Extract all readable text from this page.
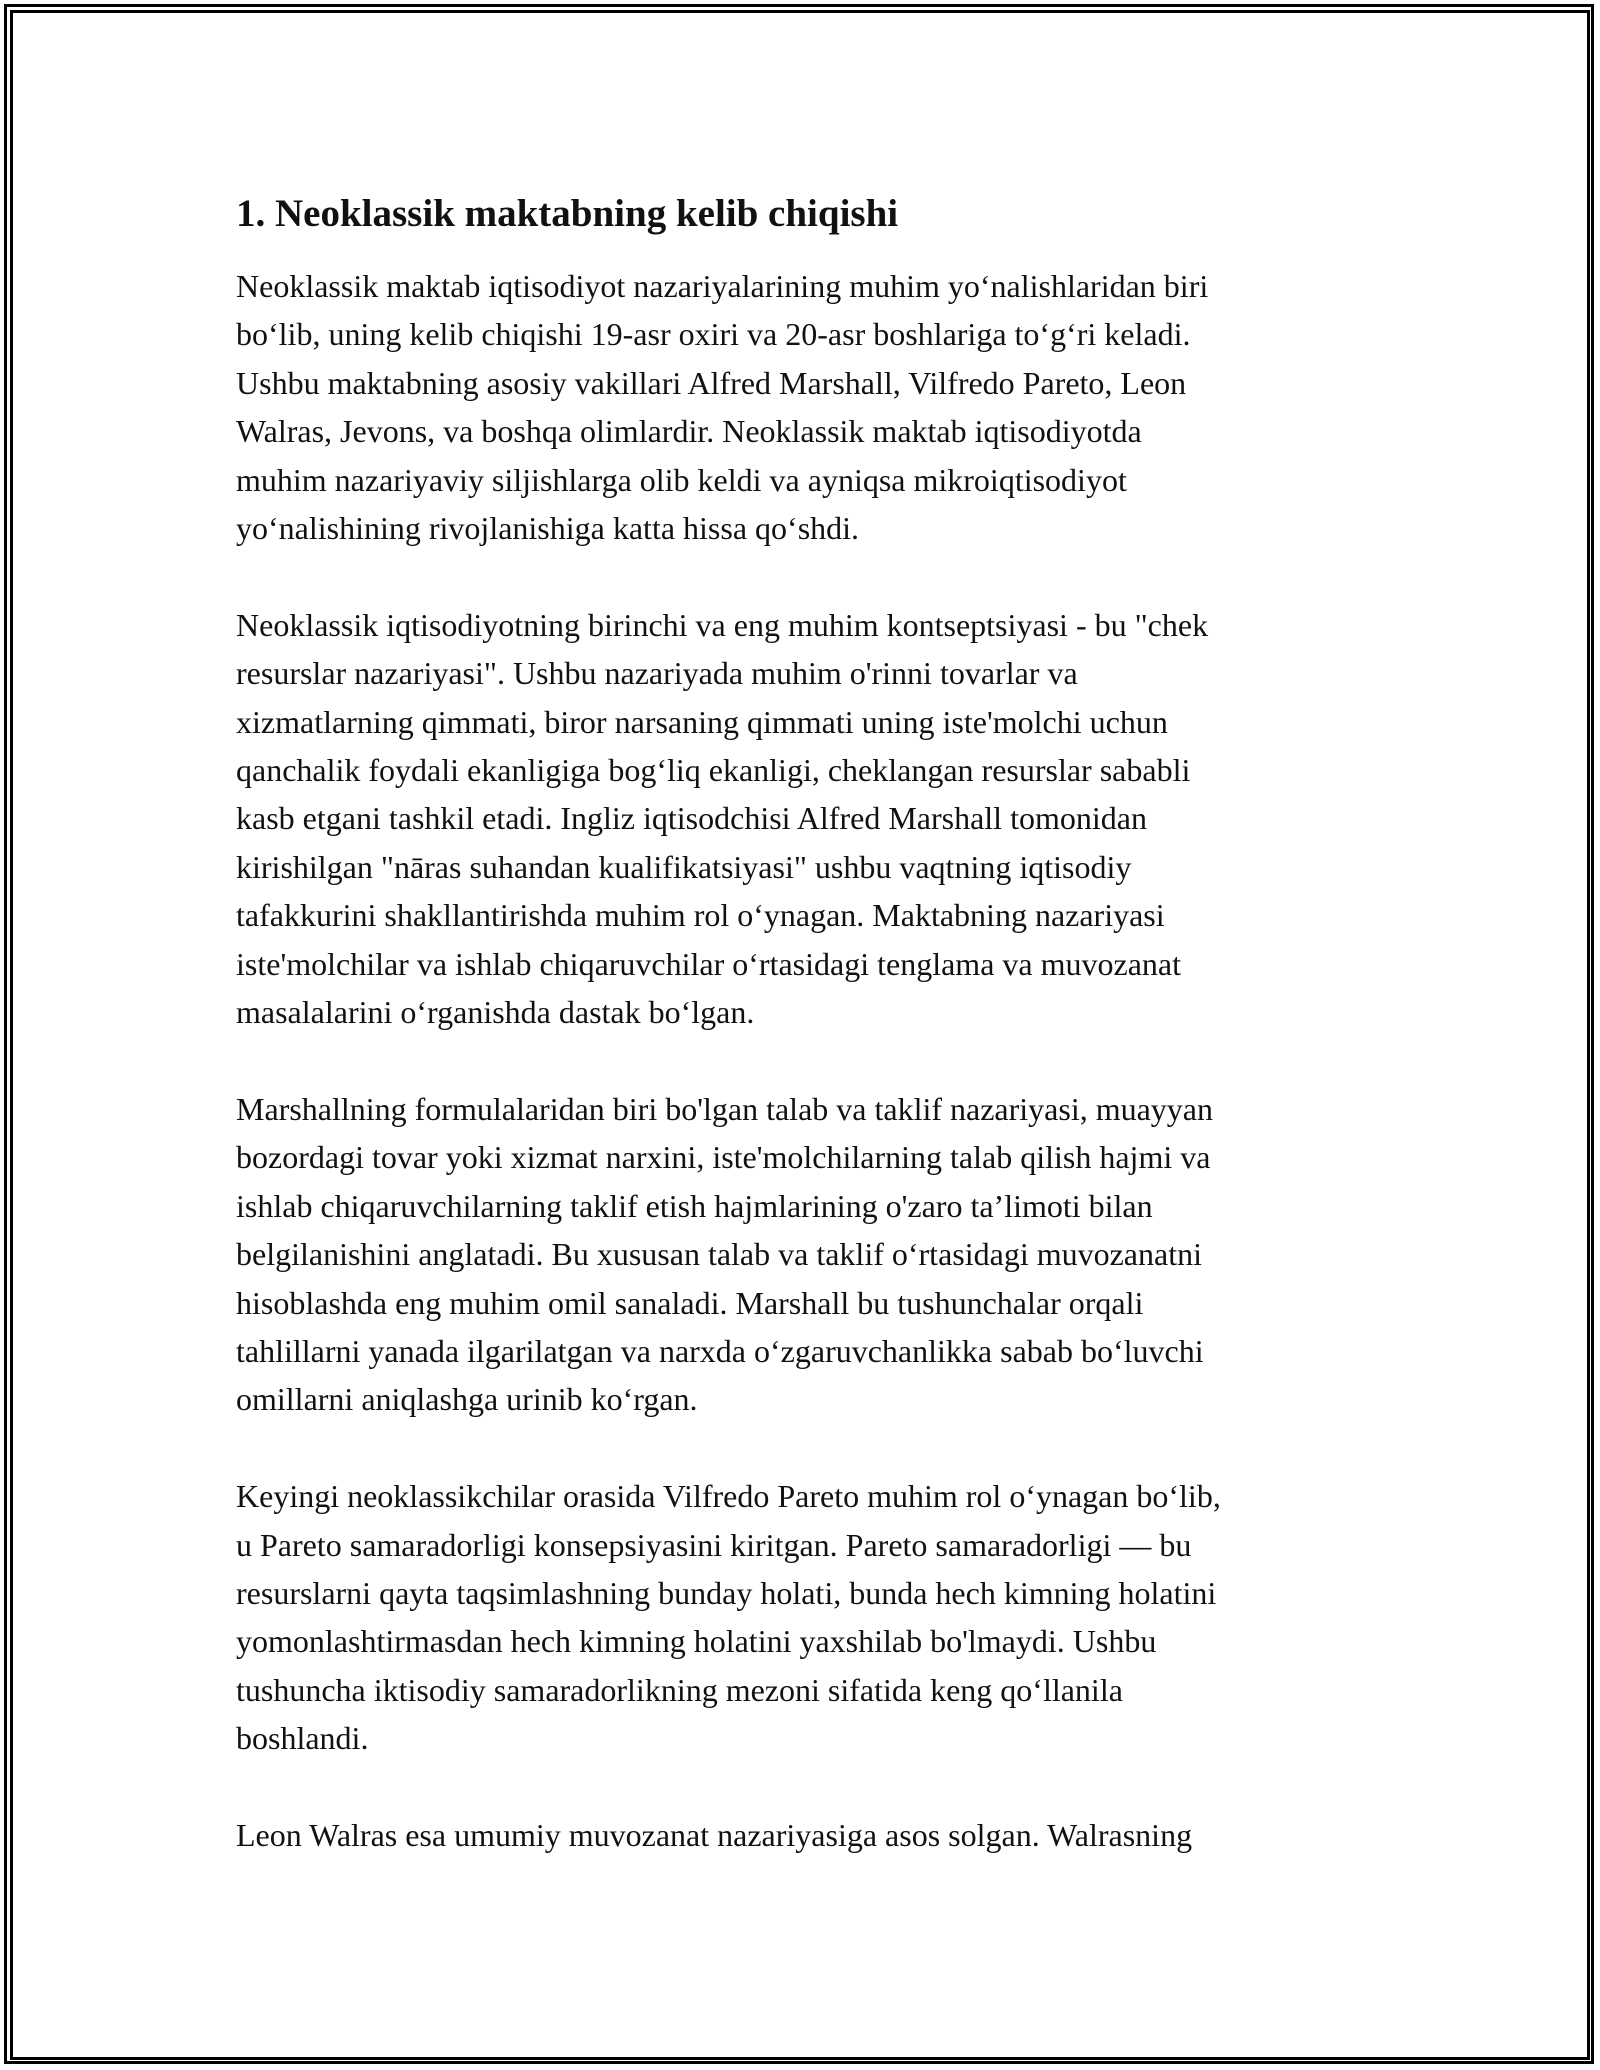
1. Neoklassik maktabning kelib chiqishi

Neoklassik maktab iqtisodiyot nazariyalarining muhim yo‘nalishlaridan biri
bo‘lib, uning kelib chiqishi 19-asr oxiri va 20-asr boshlariga to‘g‘ri keladi.
Ushbu maktabning asosiy vakillari Alfred Marshall, Vilfredo Pareto, Leon
Walras, Jevons, va boshqa olimlardir. Neoklassik maktab iqtisodiyotda
muhim nazariyaviy siljishlarga olib keldi va ayniqsa mikroiqtisodiyot
yo‘nalishining rivojlanishiga katta hissa qo‘shdi.

Neoklassik iqtisodiyotning birinchi va eng muhim kontseptsiyasi - bu "chek
resurslar nazariyasi". Ushbu nazariyada muhim o'rinni tovarlar va
xizmatlarning qimmati, biror narsaning qimmati uning iste'molchi uchun
qanchalik foydali ekanligiga bog‘liq ekanligi, cheklangan resurslar sababli
kasb etgani tashkil etadi. Ingliz iqtisodchisi Alfred Marshall tomonidan
kirishilgan "nāras suhandan kualifikatsiyasi" ushbu vaqtning iqtisodiy
tafakkurini shakllantirishda muhim rol o‘ynagan. Maktabning nazariyasi
iste'molchilar va ishlab chiqaruvchilar o‘rtasidagi tenglama va muvozanat
masalalarini o‘rganishda dastak bo‘lgan.

Marshallning formulalaridan biri bo'lgan talab va taklif nazariyasi, muayyan
bozordagi tovar yoki xizmat narxini, iste'molchilarning talab qilish hajmi va
ishlab chiqaruvchilarning taklif etish hajmlarining o'zaro ta’limoti bilan
belgilanishini anglatadi. Bu xususan talab va taklif o‘rtasidagi muvozanatni
hisoblashda eng muhim omil sanaladi. Marshall bu tushunchalar orqali
tahlillarni yanada ilgarilatgan va narxda o‘zgaruvchanlikka sabab bo‘luvchi
omillarni aniqlashga urinib ko‘rgan.

Keyingi neoklassikchilar orasida Vilfredo Pareto muhim rol o‘ynagan bo‘lib,
u Pareto samaradorligi konsepsiyasini kiritgan. Pareto samaradorligi — bu
resurslarni qayta taqsimlashning bunday holati, bunda hech kimning holatini
yomonlashtirmasdan hech kimning holatini yaxshilab bo'lmaydi. Ushbu
tushuncha iktisodiy samaradorlikning mezoni sifatida keng qo‘llanila
boshlandi.

Leon Walras esa umumiy muvozanat nazariyasiga asos solgan. Walrasning
